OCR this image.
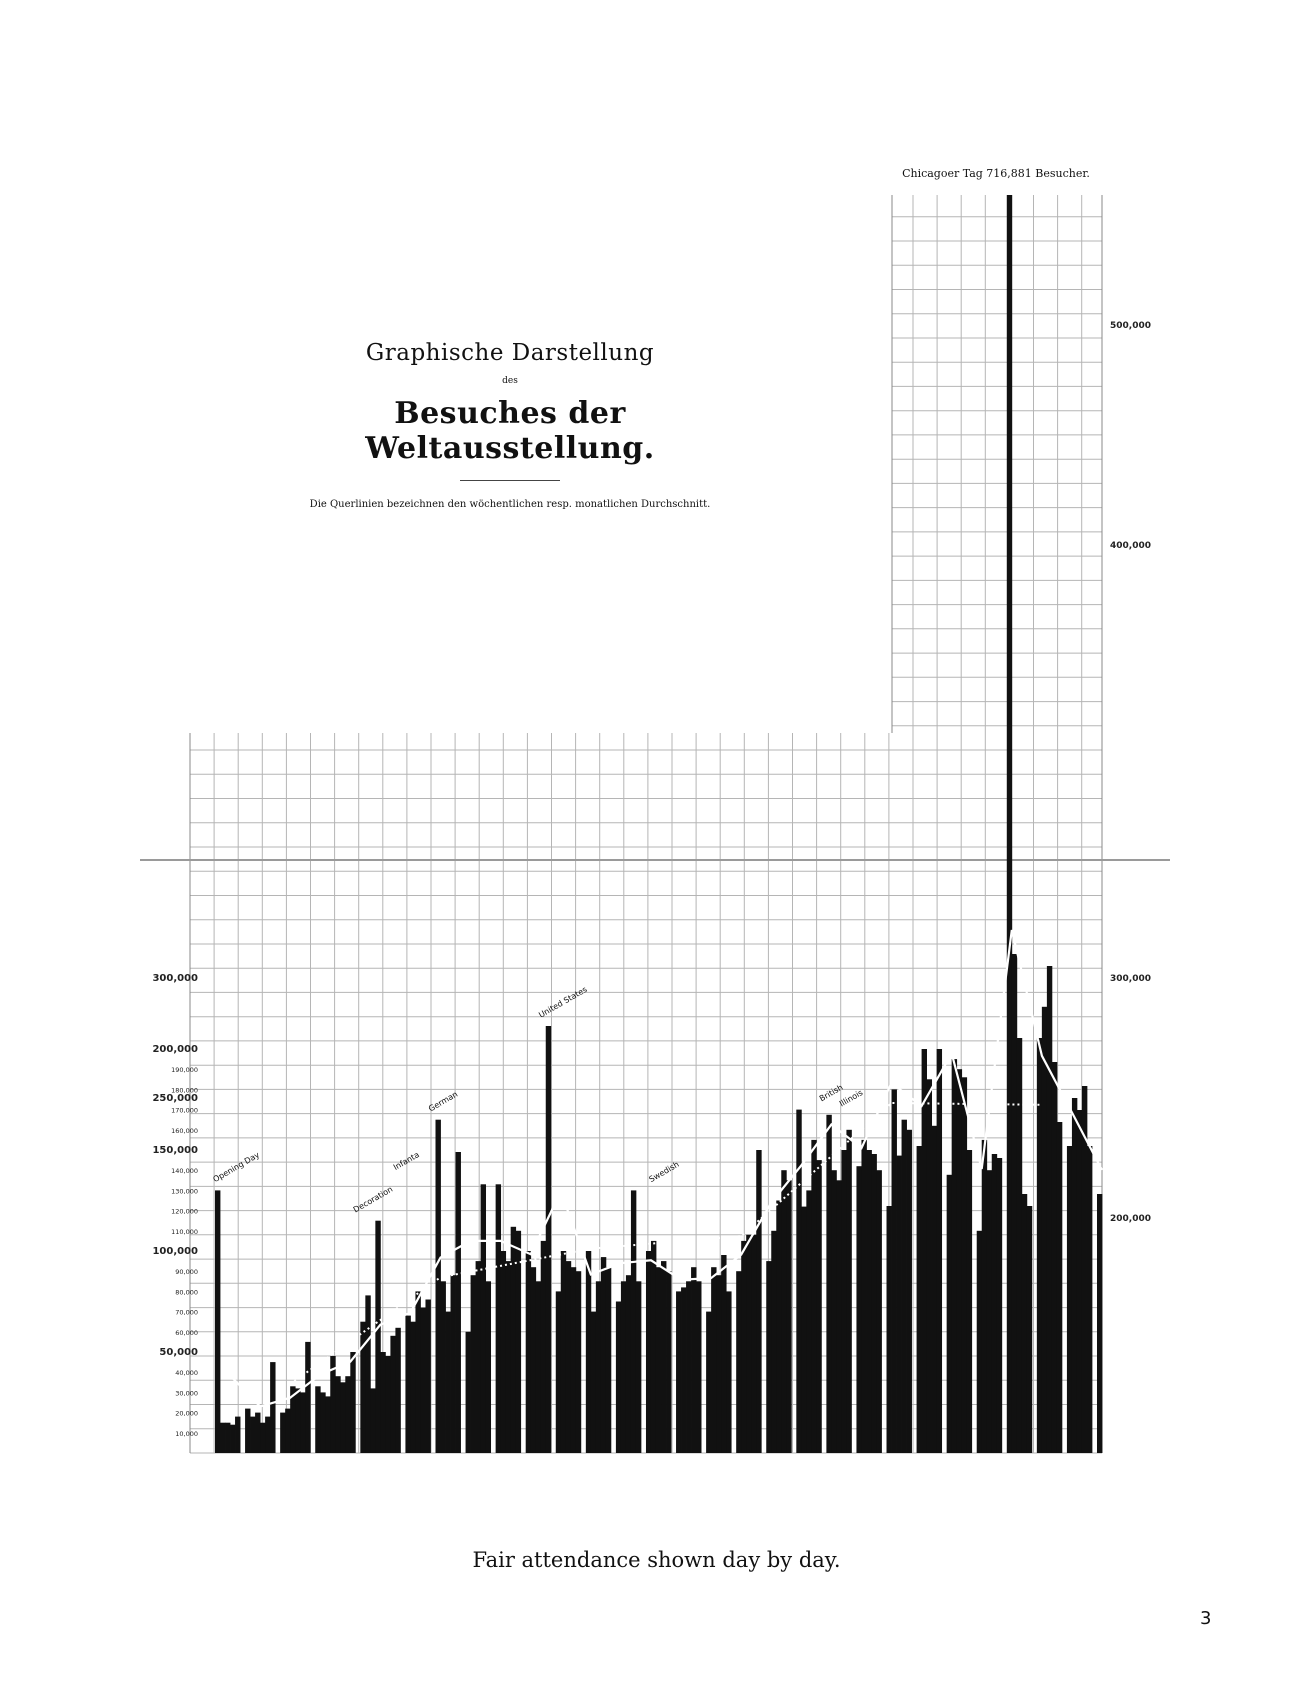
10,000
20,000
30,000
40,000
50,000
60,000
70,000
80,000
90,000
100,000
110,000
120,000
130,000
140,000
150,000
160,000
170,000
180,000
190,000
200,000
250,000
300,000
200,000
300,000
400,000
500,000
Chicagoer Tag 716,881 Besucher.
Opening Day
Decoration
Infanta
German
United States
Swedish
British
Illinois
Graphische Darstellung
des
Besuches der Weltausstellung.
Die Querlinien bezeichnen den wöchentlichen resp. monatlichen Durchschnitt.
Fair attendance shown day by day.
3
